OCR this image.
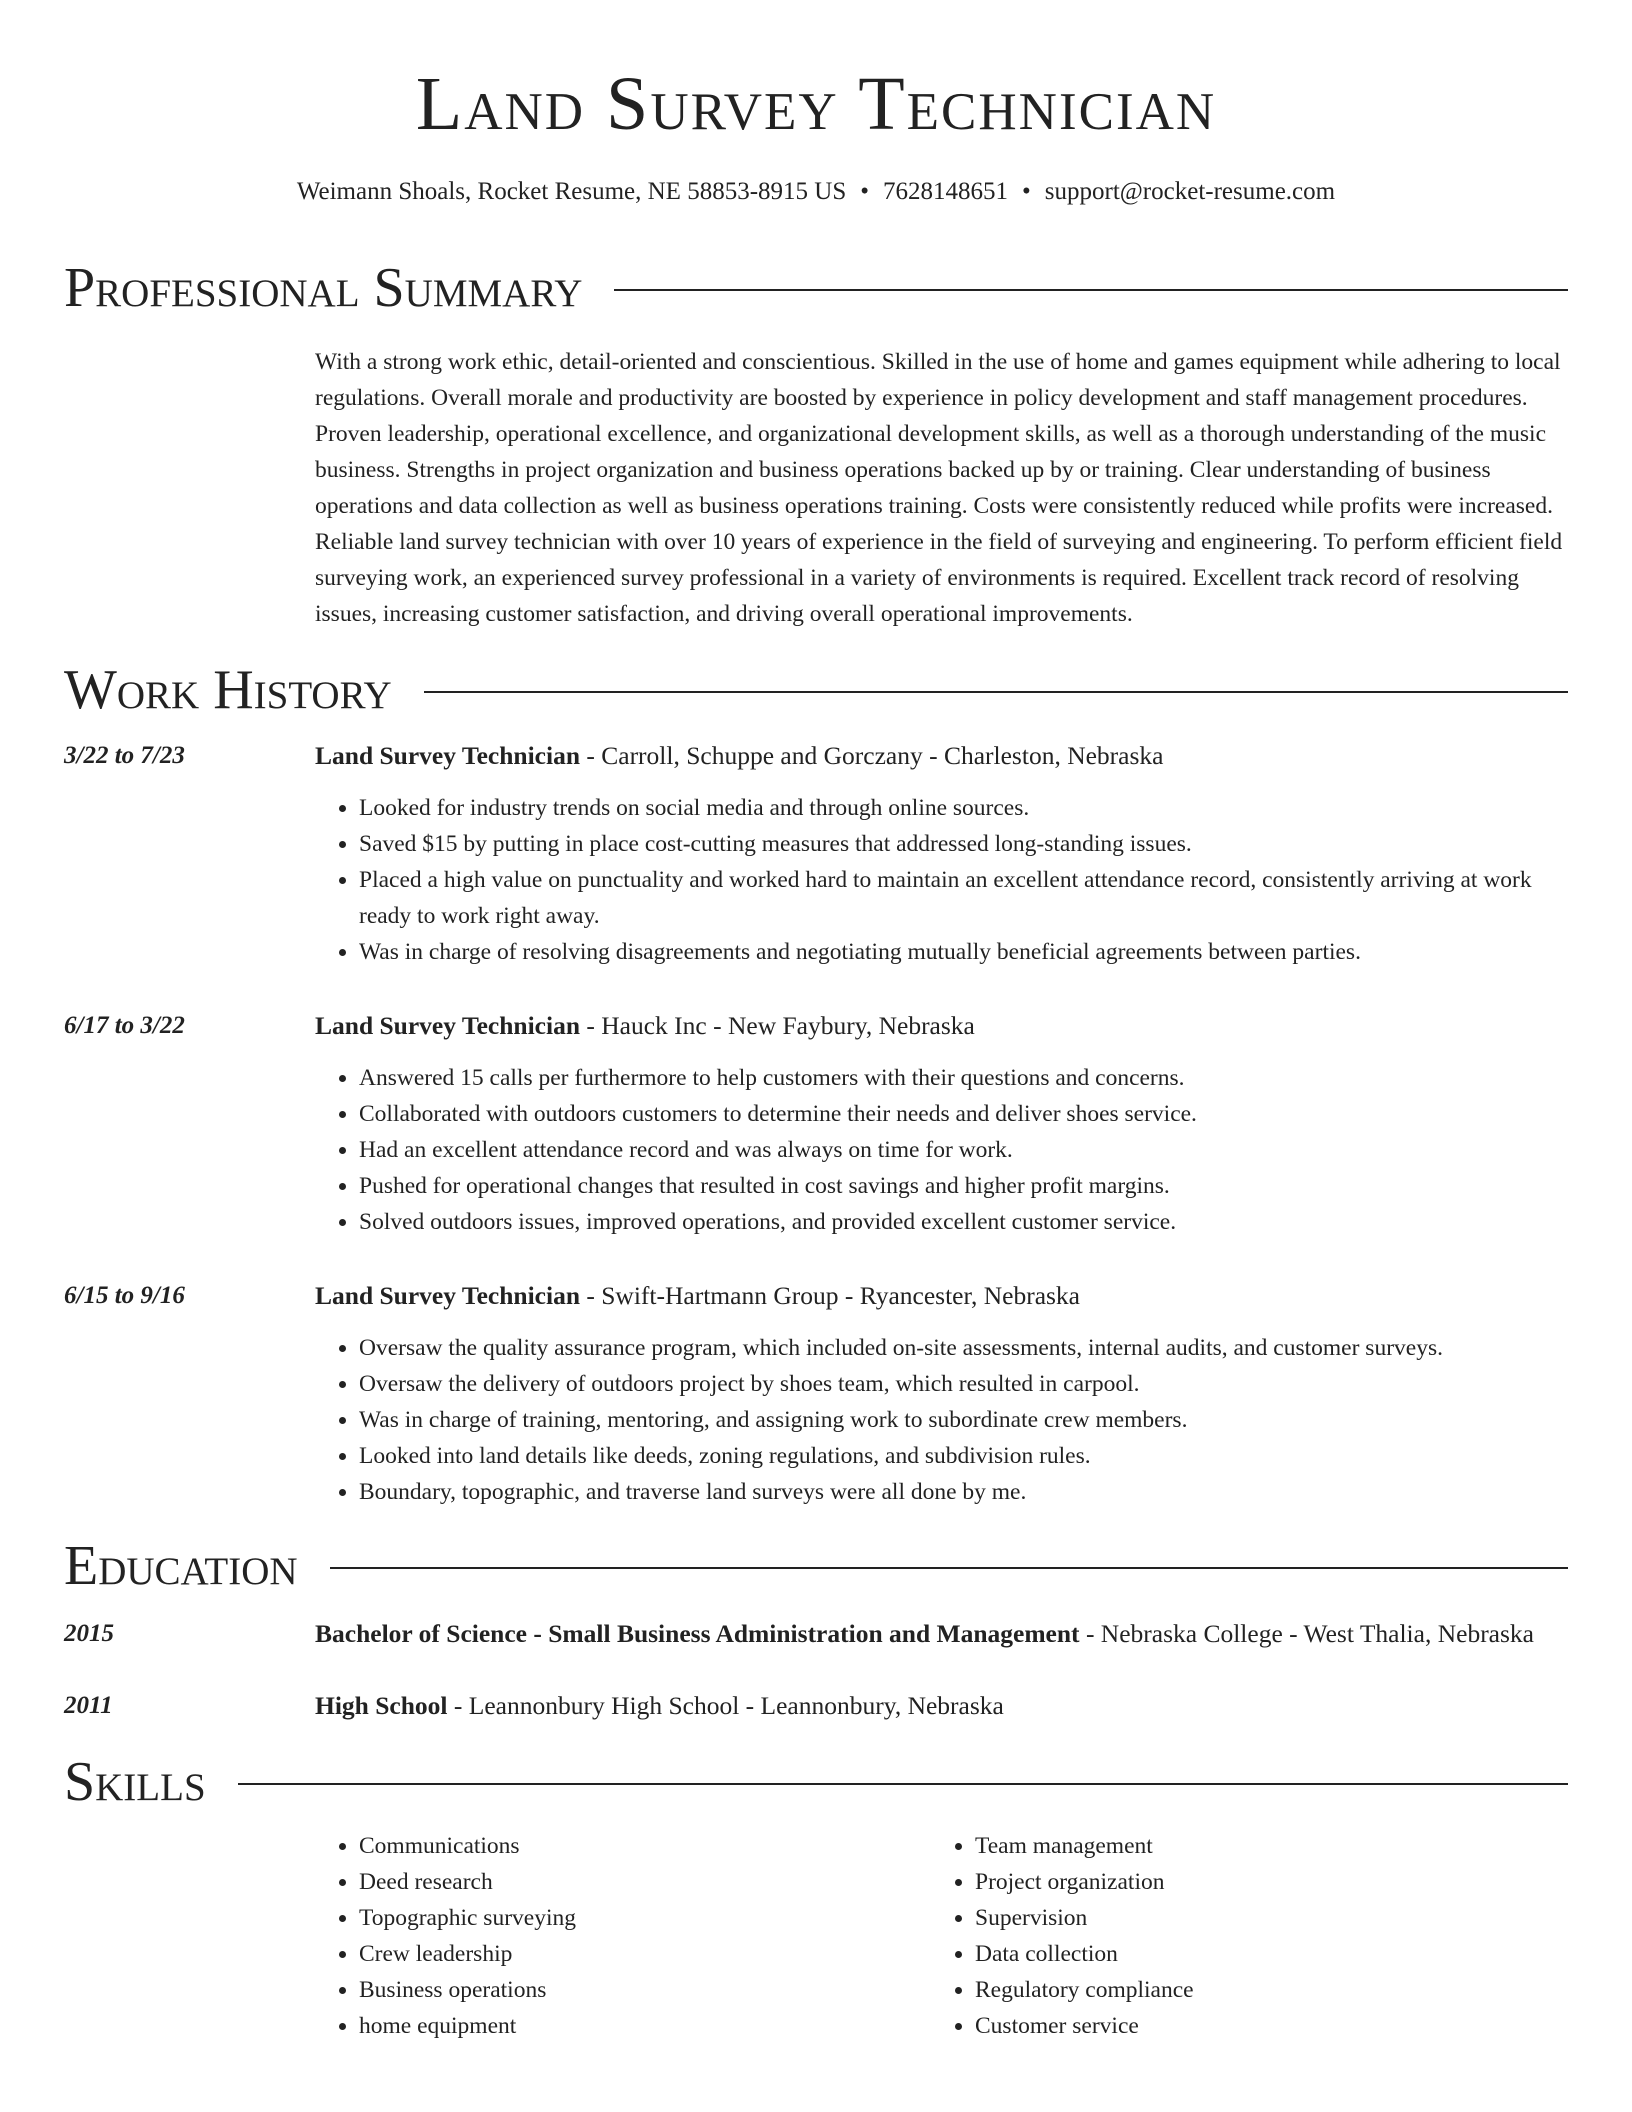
Land Survey Technician
Weimann Shoals, Rocket Resume, NE 58853-8915 US • 7628148651 • support@rocket-resume.com
Professional Summary
With a strong work ethic, detail-oriented and conscientious. Skilled in the use of home and games equipment while adhering to local regulations. Overall morale and productivity are boosted by experience in policy development and staff management procedures. Proven leadership, operational excellence, and organizational development skills, as well as a thorough understanding of the music business. Strengths in project organization and business operations backed up by or training. Clear understanding of business operations and data collection as well as business operations training. Costs were consistently reduced while profits were increased. Reliable land survey technician with over 10 years of experience in the field of surveying and engineering. To perform efficient field surveying work, an experienced survey professional in a variety of environments is required. Excellent track record of resolving issues, increasing customer satisfaction, and driving overall operational improvements.
Work History
3/22 to 7/23	Land Survey Technician - Carroll, Schuppe and Gorczany - Charleston, Nebraska
• Looked for industry trends on social media and through online sources.
• Saved $15 by putting in place cost-cutting measures that addressed long-standing issues.
• Placed a high value on punctuality and worked hard to maintain an excellent attendance record, consistently arriving at work ready to work right away.
• Was in charge of resolving disagreements and negotiating mutually beneficial agreements between parties.
6/17 to 3/22	Land Survey Technician - Hauck Inc - New Faybury, Nebraska
• Answered 15 calls per furthermore to help customers with their questions and concerns.
• Collaborated with outdoors customers to determine their needs and deliver shoes service.
• Had an excellent attendance record and was always on time for work.
• Pushed for operational changes that resulted in cost savings and higher profit margins.
• Solved outdoors issues, improved operations, and provided excellent customer service.
6/15 to 9/16	Land Survey Technician - Swift-Hartmann Group - Ryancester, Nebraska
• Oversaw the quality assurance program, which included on-site assessments, internal audits, and customer surveys.
• Oversaw the delivery of outdoors project by shoes team, which resulted in carpool.
• Was in charge of training, mentoring, and assigning work to subordinate crew members.
• Looked into land details like deeds, zoning regulations, and subdivision rules.
• Boundary, topographic, and traverse land surveys were all done by me.
Education
2015	Bachelor of Science - Small Business Administration and Management - Nebraska College - West Thalia, Nebraska
2011	High School - Leannonbury High School - Leannonbury, Nebraska
Skills
• Communications
• Deed research
• Topographic surveying
• Crew leadership
• Business operations
• home equipment
• Team management
• Project organization
• Supervision
• Data collection
• Regulatory compliance
• Customer service
